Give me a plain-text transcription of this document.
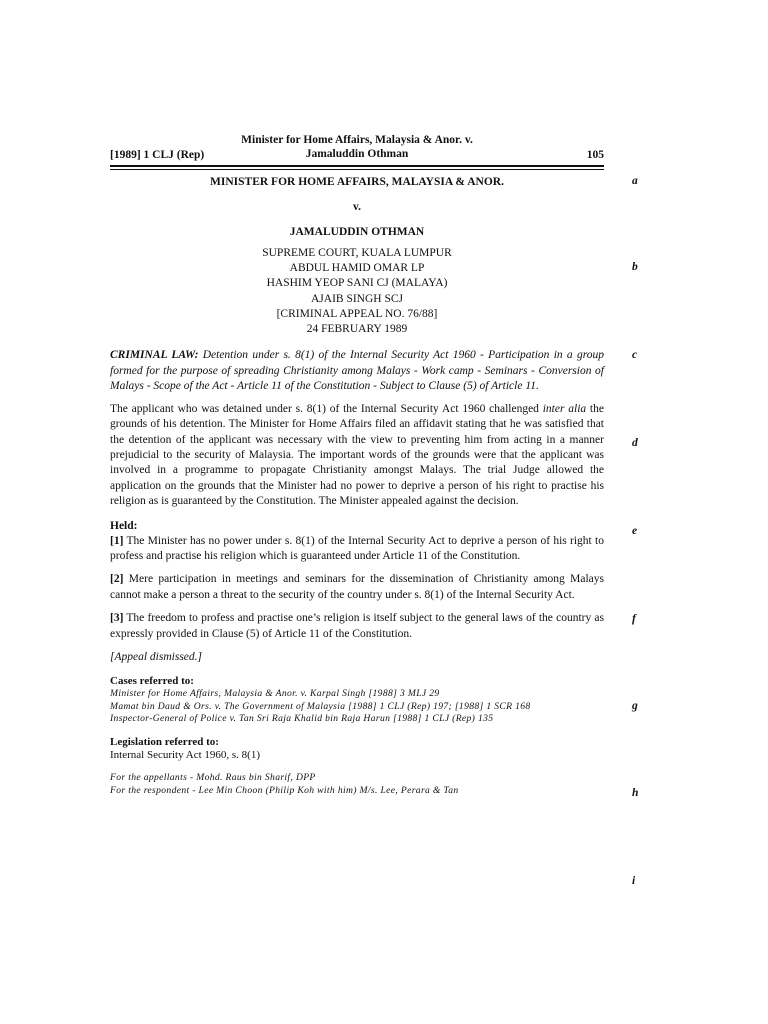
[1989] 1 CLJ (Rep)
Minister for Home Affairs, Malaysia & Anor. v.
Jamaluddin Othman	105
a
b
c
d
e
f
g
h
i
MINISTER FOR HOME AFFAIRS, MALAYSIA & ANOR.
v.
JAMALUDDIN OTHMAN
SUPREME COURT, KUALA LUMPUR
ABDUL HAMID OMAR LP
HASHIM YEOP SANI CJ (MALAYA)
AJAIB SINGH SCJ
[CRIMINAL APPEAL NO. 76/88]
24 FEBRUARY 1989

CRIMINAL LAW: Detention under s. 8(1) of the Internal Security Act 1960 - Participation in a group formed for the purpose of spreading Christianity among Malays - Work camp - Seminars - Conversion of Malays - Scope of the Act - Article 11 of the Constitution - Subject to Clause (5) of Article 11.

The applicant who was detained under s. 8(1) of the Internal Security Act 1960 challenged inter alia the grounds of his detention. The Minister for Home Affairs filed an affidavit stating that he was satisfied that the detention of the applicant was necessary with the view to preventing him from acting in a manner prejudicial to the security of Malaysia. The important words of the grounds were that the applicant was involved in a programme to propagate Christianity amongst Malays. The trial Judge allowed the application on the grounds that the Minister had no power to deprive a person of his right to practise his religion as is guaranteed by the Constitution. The Minister appealed against the decision.

Held:

[1] The Minister has no power under s. 8(1) of the Internal Security Act to deprive a person of his right to profess and practise his religion which is guaranteed under Article 11 of the Constitution.

[2] Mere participation in meetings and seminars for the dissemination of Christianity among Malays cannot make a person a threat to the security of the country under s. 8(1) of the Internal Security Act.

[3] The freedom to profess and practise one’s religion is itself subject to the general laws of the country as expressly provided in Clause (5) of Article 11 of the Constitution.

[Appeal dismissed.]
Cases referred to:

Minister for Home Affairs, Malaysia & Anor. v. Karpal Singh [1988] 3 MLJ 29

Mamat bin Daud & Ors. v. The Government of Malaysia [1988] 1 CLJ (Rep) 197; [1988] 1 SCR 168

Inspector-General of Police v. Tan Sri Raja Khalid bin Raja Harun [1988] 1 CLJ (Rep) 135

Legislation referred to:

Internal Security Act 1960, s. 8(1)

For the appellants - Mohd. Raus bin Sharif, DPP

For the respondent - Lee Min Choon (Philip Koh with him) M/s. Lee, Perara & Tan
